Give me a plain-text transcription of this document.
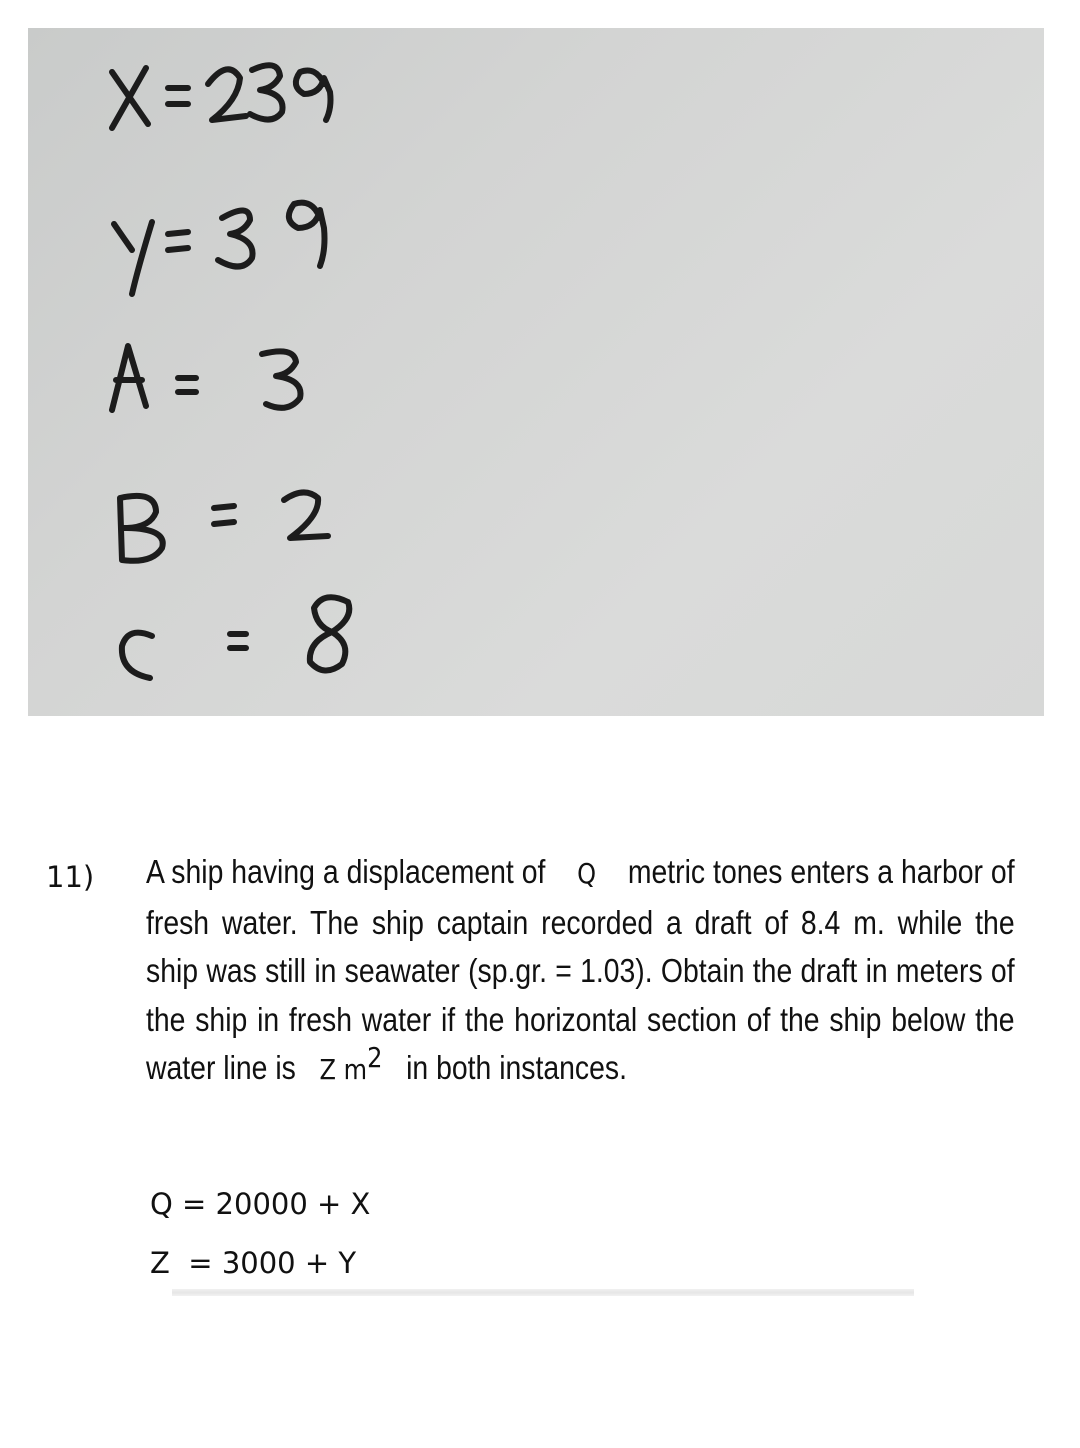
11) A ship having a displacement of Q metric tones enters a harbor of fresh water. The ship captain recorded a draft of 8.4 m. while the ship was still in seawater (sp.gr. = 1.03). Obtain the draft in meters of the ship in fresh water if the horizontal section of the ship below the water line is Z $m^2$ in both instances.
Q = 20000 + X
Z  = 3000 + Y
